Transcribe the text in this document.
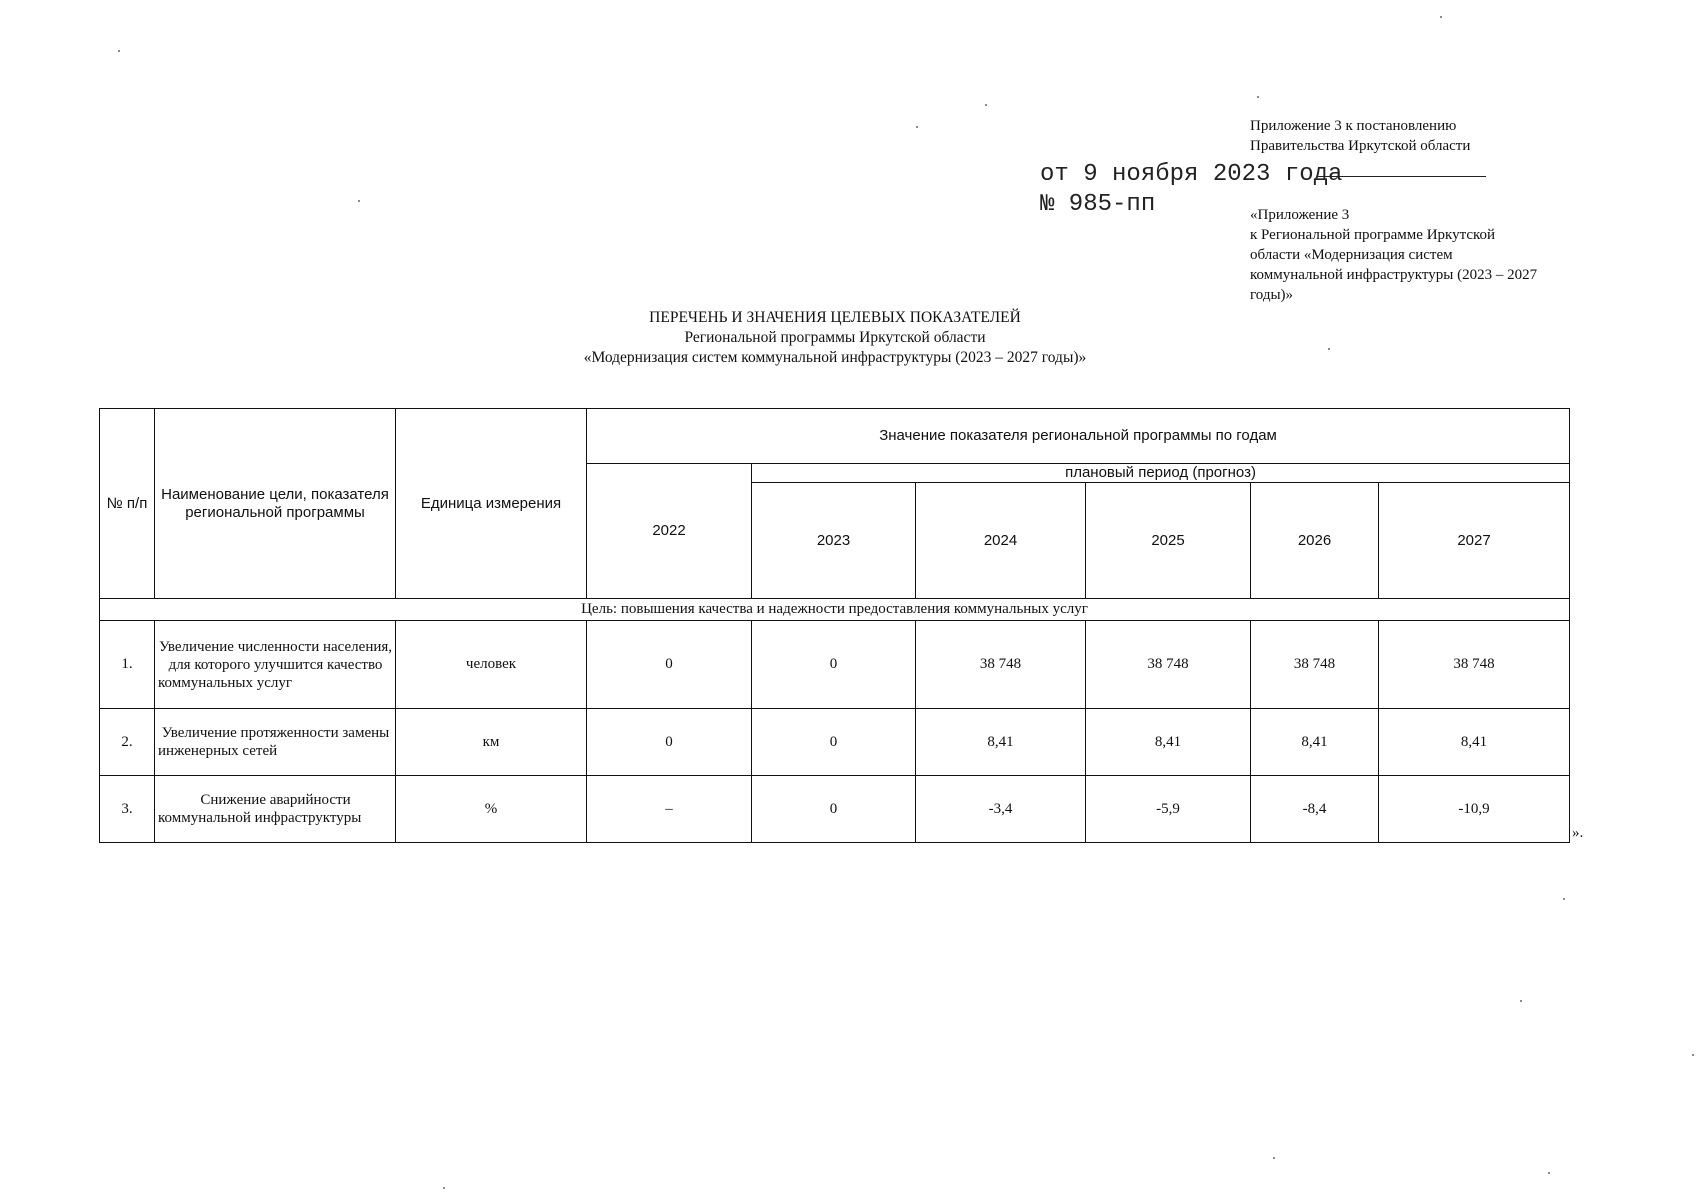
Приложение 3 к постановлению
Правительства Иркутской области
от 9 ноября 2023 года
№ 985-пп	«Приложение 3
к Региональной программе Иркутской
области «Модернизация систем
коммунальной инфраструктуры (2023 – 2027
годы)»
ПЕРЕЧЕНЬ И ЗНАЧЕНИЯ ЦЕЛЕВЫХ ПОКАЗАТЕЛЕЙ
Региональной программы Иркутской области
«Модернизация систем коммунальной инфраструктуры (2023 – 2027 годы)»
№ п/п	Наименование цели, показателя региональной программы	Единица измерения	Значение показателя региональной программы по годам					
			2022	плановый период (прогноз)				
				2023	2024	2025	2026	2027
Цель: повышения качества и надежности предоставления коммунальных услуг								
1.	Увеличение численности населения, для которого улучшится качество коммунальных услуг	человек	0	0	38 748	38 748	38 748	38 748
2.	Увеличение протяженности замены инженерных сетей	км	0	0	8,41	8,41	8,41	8,41
3.	Снижение аварийности коммунальной инфраструктуры	%	–	0	-3,4	-5,9	-8,4	-10,9
».
